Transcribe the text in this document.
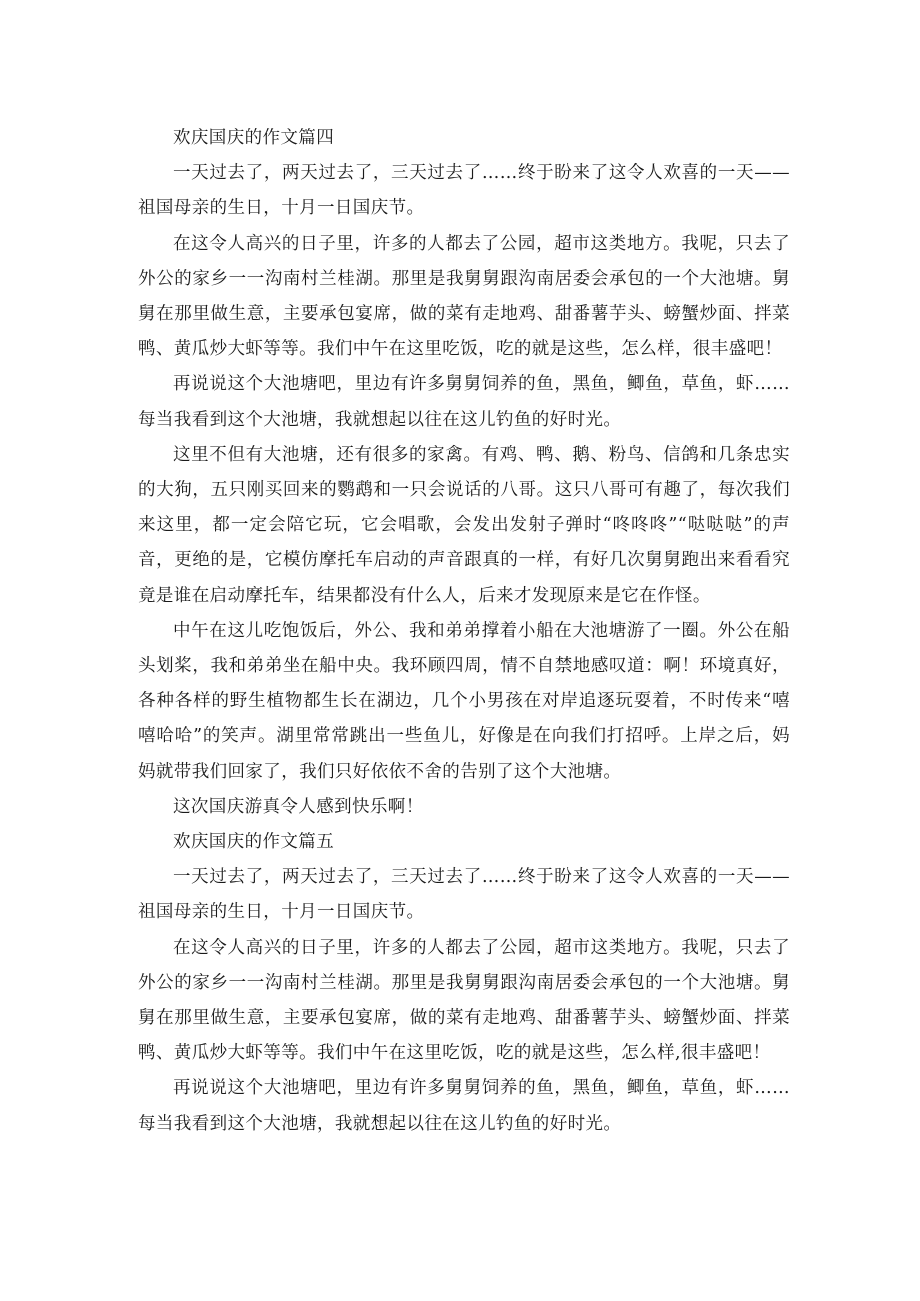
欢庆国庆的作文篇四

一天过去了，两天过去了，三天过去了……终于盼来了这令人欢喜的一天——祖国母亲的生日，十月一日国庆节。

在这令人高兴的日子里，许多的人都去了公园，超市这类地方。我呢，只去了外公的家乡一一沟南村兰桂湖。那里是我舅舅跟沟南居委会承包的一个大池塘。舅舅在那里做生意，主要承包宴席，做的菜有走地鸡、甜番薯芋头、螃蟹炒面、拌菜鸭、黄瓜炒大虾等等。我们中午在这里吃饭，吃的就是这些，怎么样，很丰盛吧！

再说说这个大池塘吧，里边有许多舅舅饲养的鱼，黑鱼，鲫鱼，草鱼，虾……每当我看到这个大池塘，我就想起以往在这儿钓鱼的好时光。

这里不但有大池塘，还有很多的家禽。有鸡、鸭、鹅、粉鸟、信鸽和几条忠实的大狗，五只刚买回来的鹦鹉和一只会说话的八哥。这只八哥可有趣了，每次我们来这里，都一定会陪它玩，它会唱歌，会发出发射子弹时“咚咚咚”“哒哒哒”的声音，更绝的是，它模仿摩托车启动的声音跟真的一样，有好几次舅舅跑出来看看究竟是谁在启动摩托车，结果都没有什么人，后来才发现原来是它在作怪。

中午在这儿吃饱饭后，外公、我和弟弟撑着小船在大池塘游了一圈。外公在船头划桨，我和弟弟坐在船中央。我环顾四周，情不自禁地感叹道：啊！环境真好，各种各样的野生植物都生长在湖边，几个小男孩在对岸追逐玩耍着，不时传来“嘻嘻哈哈”的笑声。湖里常常跳出一些鱼儿，好像是在向我们打招呼。上岸之后，妈妈就带我们回家了，我们只好依依不舍的告别了这个大池塘。

这次国庆游真令人感到快乐啊！

欢庆国庆的作文篇五

一天过去了，两天过去了，三天过去了……终于盼来了这令人欢喜的一天——祖国母亲的生日，十月一日国庆节。

在这令人高兴的日子里，许多的人都去了公园，超市这类地方。我呢，只去了外公的家乡一一沟南村兰桂湖。那里是我舅舅跟沟南居委会承包的一个大池塘。舅舅在那里做生意，主要承包宴席，做的菜有走地鸡、甜番薯芋头、螃蟹炒面、拌菜鸭、黄瓜炒大虾等等。我们中午在这里吃饭，吃的就是这些，怎么样,很丰盛吧！

再说说这个大池塘吧，里边有许多舅舅饲养的鱼，黑鱼，鲫鱼，草鱼，虾……每当我看到这个大池塘，我就想起以往在这儿钓鱼的好时光。
